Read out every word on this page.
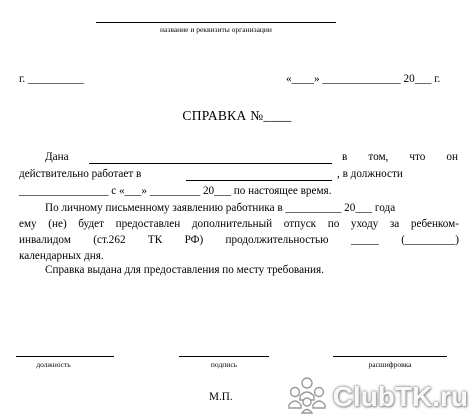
название и реквизиты организации
г. __________	«____» ______________ 20___ г.
СПРАВКА №____
Дана	в том, что он
действительно работает в	, в должности
________________ с «___» _________ 20___ по настоящее время.
По личному письменному заявлению работника в __________ 20___ года
ему (не) будет предоставлен дополнительный отпуск по уходу за ребенком-
инвалидом (ст.262 ТК РФ) продолжительностью _____ (_________)
календарных дня.
Справка выдана для предоставления по месту требования.
должность	подпись	расшифровка
М.П.	ClubTK.ru
